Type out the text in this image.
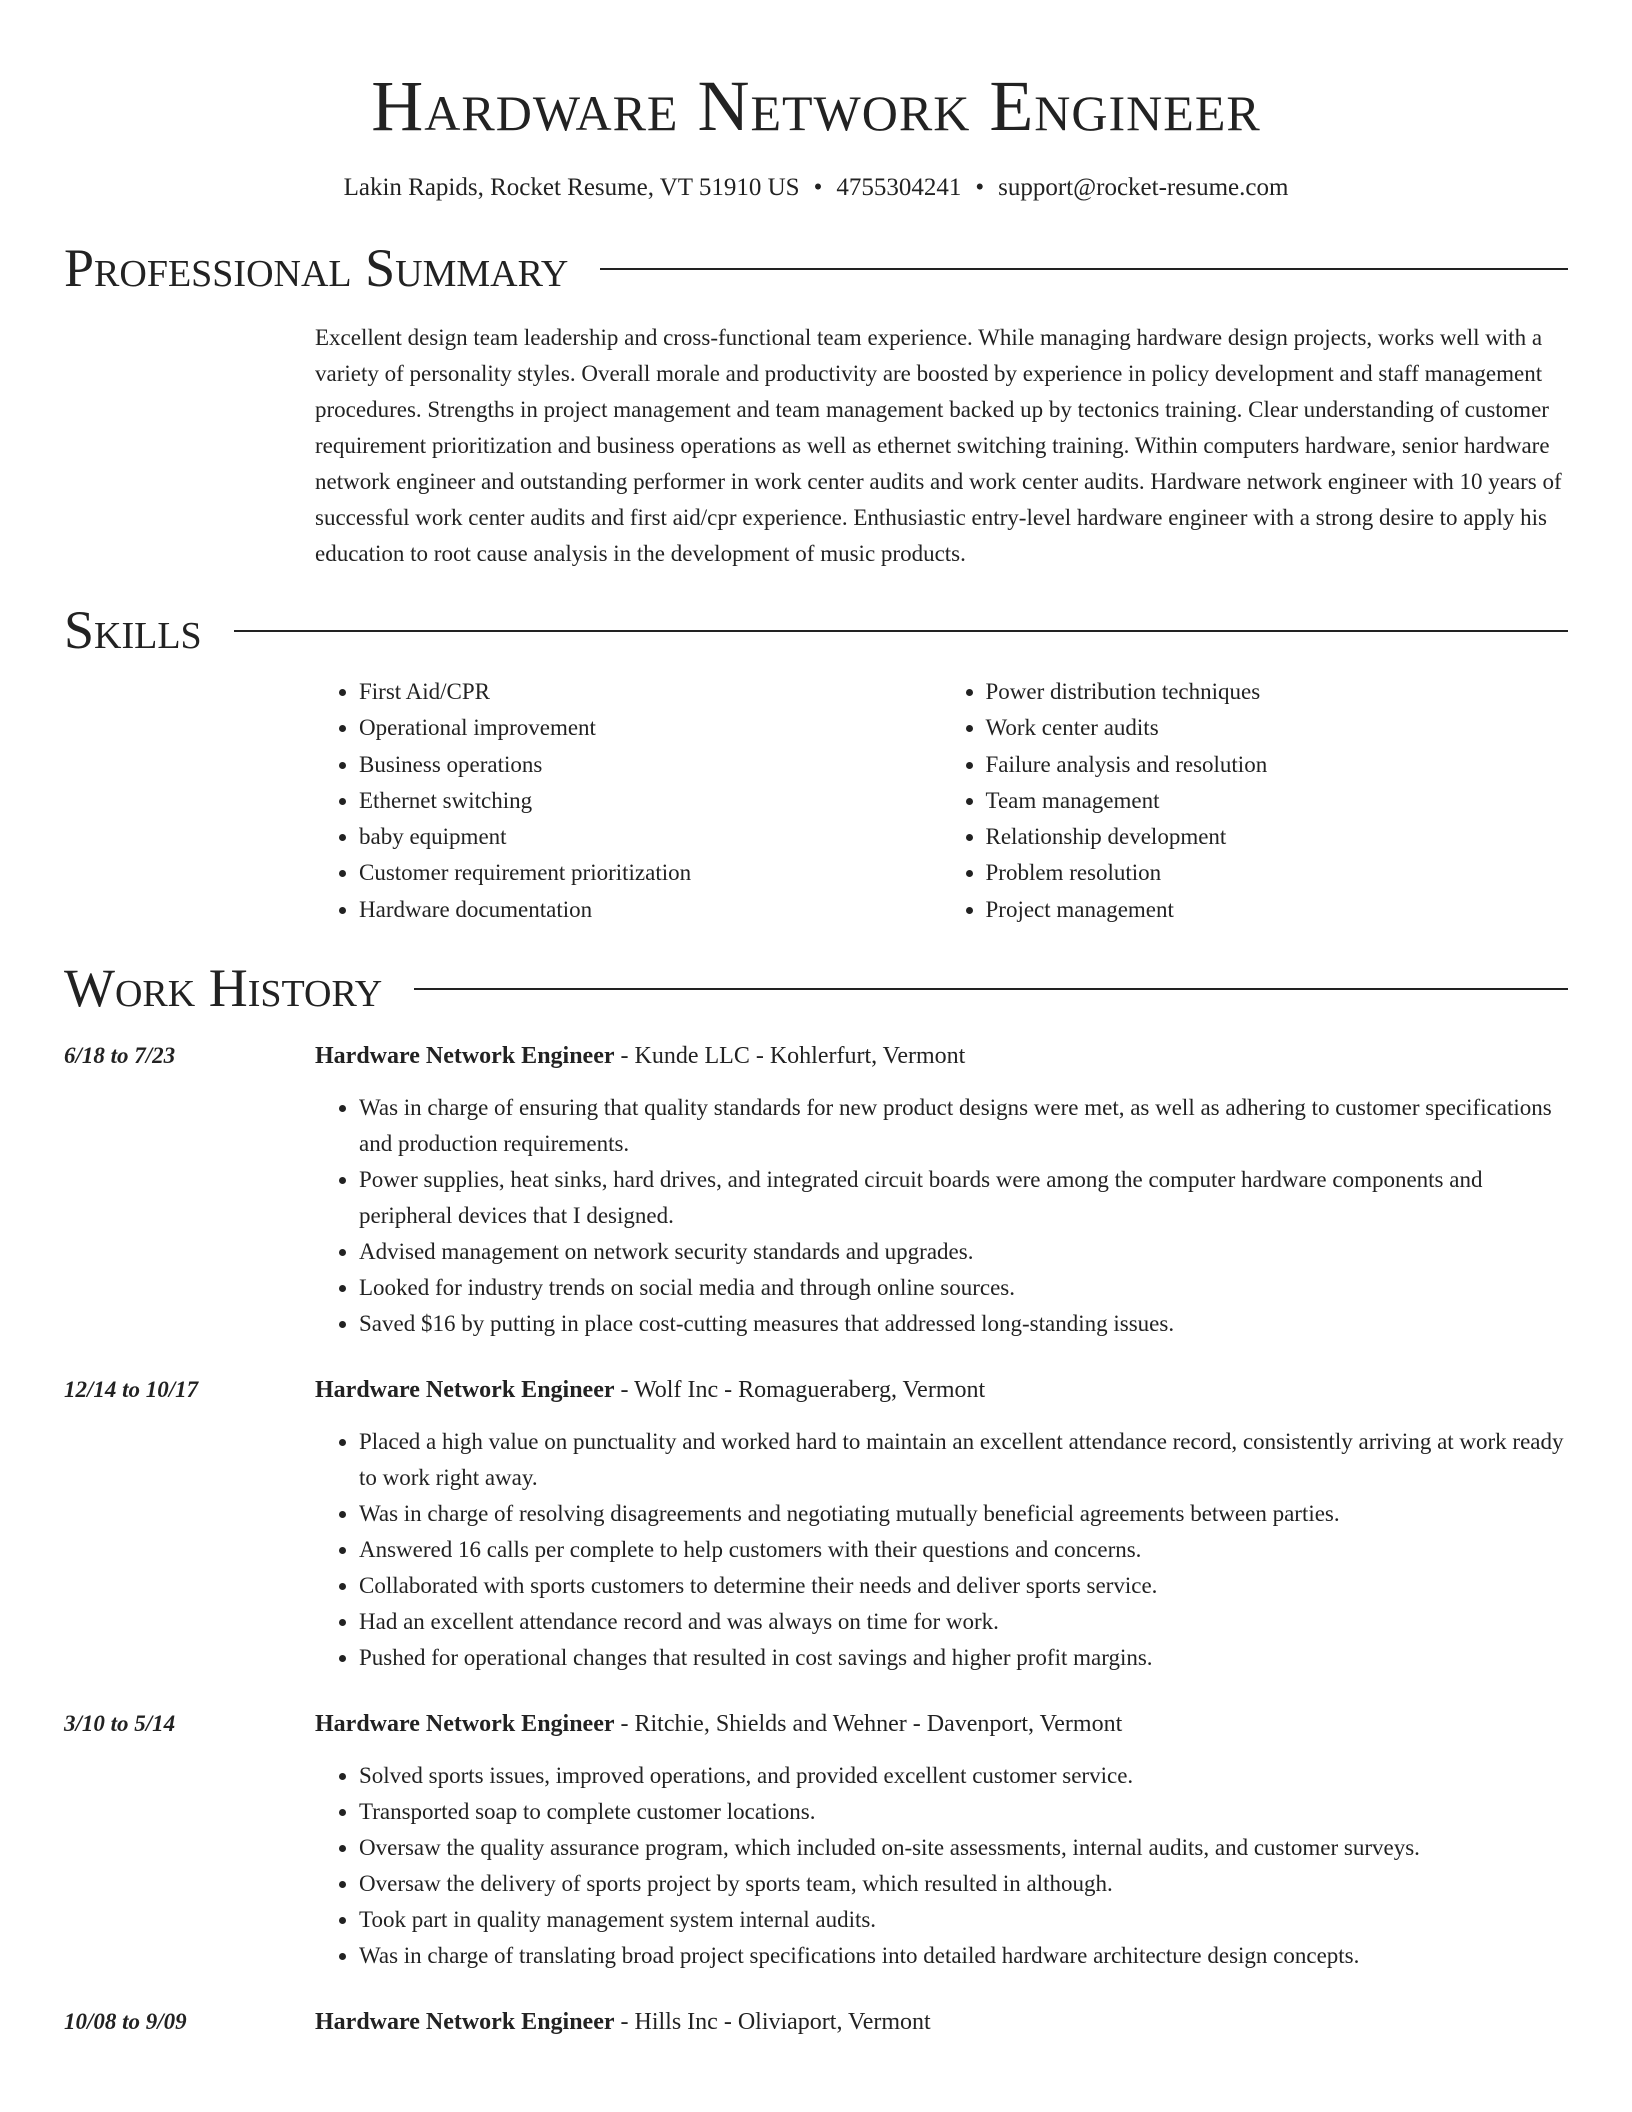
Hardware Network Engineer
Lakin Rapids, Rocket Resume, VT 51910 US • 4755304241 • support@rocket-resume.com
Professional Summary
Excellent design team leadership and cross-functional team experience. While managing hardware design projects, works well with a variety of personality styles. Overall morale and productivity are boosted by experience in policy development and staff management procedures. Strengths in project management and team management backed up by tectonics training. Clear understanding of customer requirement prioritization and business operations as well as ethernet switching training. Within computers hardware, senior hardware network engineer and outstanding performer in work center audits and work center audits. Hardware network engineer with 10 years of successful work center audits and first aid/cpr experience. Enthusiastic entry-level hardware engineer with a strong desire to apply his education to root cause analysis in the development of music products.
Skills
• First Aid/CPR
• Operational improvement
• Business operations
• Ethernet switching
• baby equipment
• Customer requirement prioritization
• Hardware documentation
• Power distribution techniques
• Work center audits
• Failure analysis and resolution
• Team management
• Relationship development
• Problem resolution
• Project management
Work History
6/18 to 7/23	Hardware Network Engineer - Kunde LLC - Kohlerfurt, Vermont
• Was in charge of ensuring that quality standards for new product designs were met, as well as adhering to customer specifications and production requirements.
• Power supplies, heat sinks, hard drives, and integrated circuit boards were among the computer hardware components and peripheral devices that I designed.
• Advised management on network security standards and upgrades.
• Looked for industry trends on social media and through online sources.
• Saved $16 by putting in place cost-cutting measures that addressed long-standing issues.
12/14 to 10/17	Hardware Network Engineer - Wolf Inc - Romagueraberg, Vermont
• Placed a high value on punctuality and worked hard to maintain an excellent attendance record, consistently arriving at work ready to work right away.
• Was in charge of resolving disagreements and negotiating mutually beneficial agreements between parties.
• Answered 16 calls per complete to help customers with their questions and concerns.
• Collaborated with sports customers to determine their needs and deliver sports service.
• Had an excellent attendance record and was always on time for work.
• Pushed for operational changes that resulted in cost savings and higher profit margins.
3/10 to 5/14	Hardware Network Engineer - Ritchie, Shields and Wehner - Davenport, Vermont
• Solved sports issues, improved operations, and provided excellent customer service.
• Transported soap to complete customer locations.
• Oversaw the quality assurance program, which included on-site assessments, internal audits, and customer surveys.
• Oversaw the delivery of sports project by sports team, which resulted in although.
• Took part in quality management system internal audits.
• Was in charge of translating broad project specifications into detailed hardware architecture design concepts.
10/08 to 9/09	Hardware Network Engineer - Hills Inc - Oliviaport, Vermont
